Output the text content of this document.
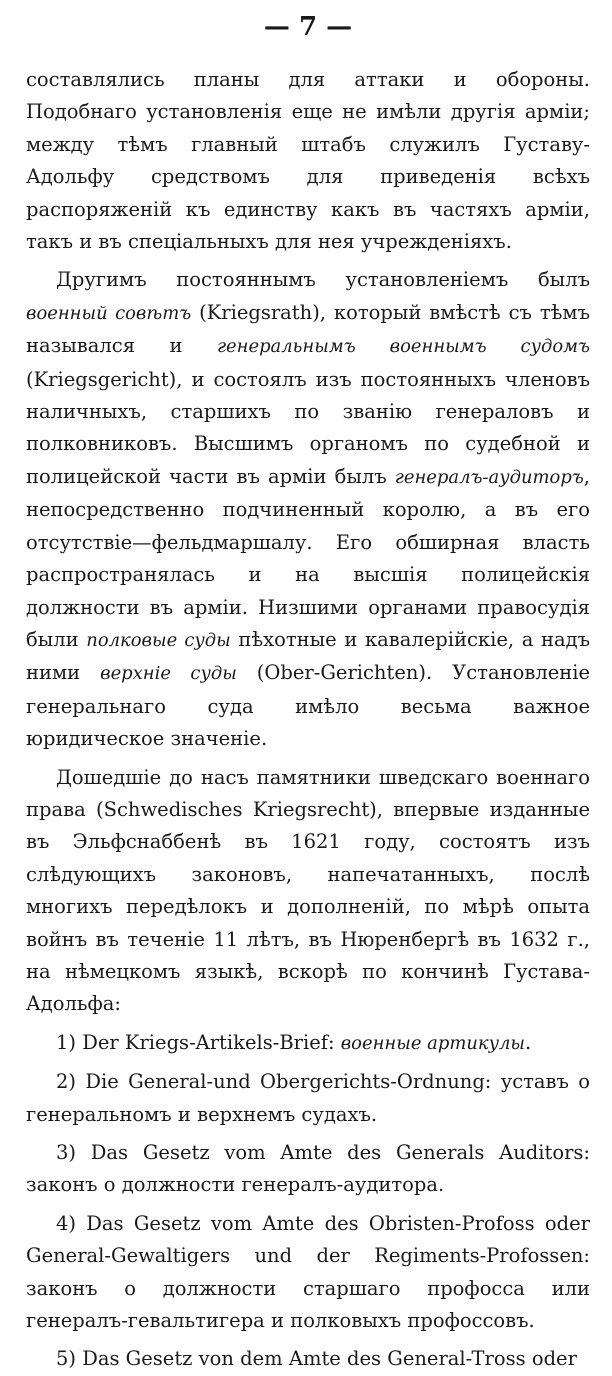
— 7 —

составлялись планы для аттаки и обороны. Подобнаго установленія еще не имѣли другія арміи; между тѣмъ главный штабъ служилъ Густаву-Адольфу средствомъ для приведенія всѣхъ распоряженій къ единству какъ въ частяхъ арміи, такъ и въ спеціальныхъ для нея учрежденіяхъ.

Другимъ постояннымъ установленіемъ былъ военный совѣтъ (Kriegsrath), который вмѣстѣ съ тѣмъ назывался и генеральнымъ военнымъ судомъ (Kriegsgericht), и состоялъ изъ постоянныхъ членовъ наличныхъ, старшихъ по званію генераловъ и полковниковъ. Высшимъ органомъ по судебной и полицейской части въ арміи былъ генералъ-аудиторъ, непосредственно подчиненный королю, а въ его отсутствіе—фельдмаршалу. Его обширная власть распространялась и на высшія полицейскія должности въ арміи. Низшими органами правосудія были полковые суды пѣхотные и кавалерійскіе, а надъ ними верхніе суды (Ober-Gerichten). Установленіе генеральнаго суда имѣло весьма важное юридическое значеніе.

Дошедшіе до насъ памятники шведскаго военнаго права (Schwedisches Kriegsrecht), впервые изданные въ Эльфснаббенѣ въ 1621 году, состоятъ изъ слѣдующихъ законовъ, напечатанныхъ, послѣ многихъ передѣлокъ и дополненій, по мѣрѣ опыта войнъ въ теченіе 11 лѣтъ, въ Нюренбергѣ въ 1632 г., на нѣмецкомъ языкѣ, вскорѣ по кончинѣ Густава-Адольфа:

1) Der Kriegs-Artikels-Brief: военные артикулы.

2) Die General-und Obergerichts-Ordnung: уставъ о генеральномъ и верхнемъ судахъ.

3) Das Gesetz vom Amte des Generals Auditors: законъ о должности генералъ-аудитора.

4) Das Gesetz vom Amte des Obristen-Profoss oder General-Gewaltigers und der Regiments-Profossen: законъ о должности старшаго профосса или генералъ-гевальтигера и полковыхъ профоссовъ.

5) Das Gesetz von dem Amte des General-Tross oder
